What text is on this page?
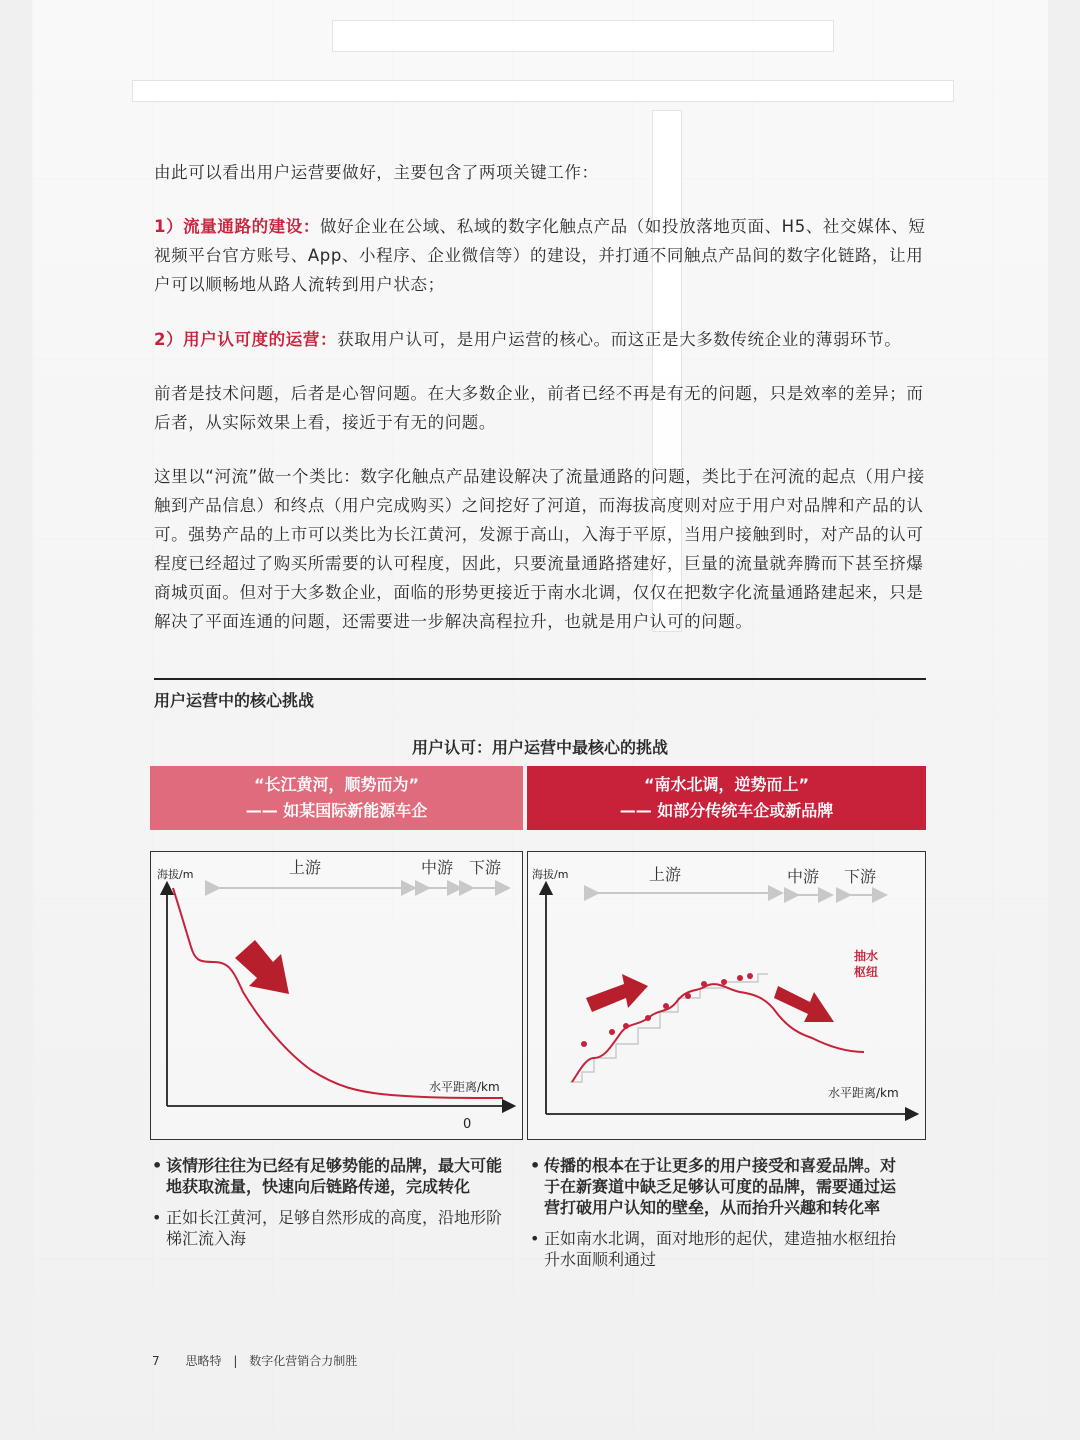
由此可以看出用户运营要做好，主要包含了两项关键工作：

1）流量通路的建设：做好企业在公域、私域的数字化触点产品（如投放落地页面、H5、社交媒体、短视频平台官方账号、App、小程序、企业微信等）的建设，并打通不同触点产品间的数字化链路，让用户可以顺畅地从路人流转到用户状态；

2）用户认可度的运营：获取用户认可，是用户运营的核心。而这正是大多数传统企业的薄弱环节。

前者是技术问题，后者是心智问题。在大多数企业，前者已经不再是有无的问题，只是效率的差异；而后者，从实际效果上看，接近于有无的问题。

这里以“河流”做一个类比：数字化触点产品建设解决了流量通路的问题，类比于在河流的起点（用户接触到产品信息）和终点（用户完成购买）之间挖好了河道，而海拔高度则对应于用户对品牌和产品的认可。强势产品的上市可以类比为长江黄河，发源于高山，入海于平原，当用户接触到时，对产品的认可程度已经超过了购买所需要的认可程度，因此，只要流量通路搭建好，巨量的流量就奔腾而下甚至挤爆商城页面。但对于大多数企业，面临的形势更接近于南水北调，仅仅在把数字化流量通路建起来，只是解决了平面连通的问题，还需要进一步解决高程拉升，也就是用户认可的问题。

用户运营中的核心挑战
用户认可：用户运营中最核心的挑战
“长江黄河，顺势而为”
—— 如某国际新能源车企
“南水北调，逆势而上”
—— 如部分传统车企或新品牌
海拔/m
水平距离/km
0
上游	中游 下游	海拔/m
水平距离/km
上游	中游 下游
抽水
枢纽
• 该情形往往为已经有足够势能的品牌，最大可能地获取流量，快速向后链路传递，完成转化
• 正如长江黄河，足够自然形成的高度，沿地形阶梯汇流入海
• 传播的根本在于让更多的用户接受和喜爱品牌。对于在新赛道中缺乏足够认可度的品牌，需要通过运营打破用户认知的壁垒，从而抬升兴趣和转化率
• 正如南水北调，面对地形的起伏，建造抽水枢纽抬升水面顺利通过
7 思略特 | 数字化营销合力制胜
